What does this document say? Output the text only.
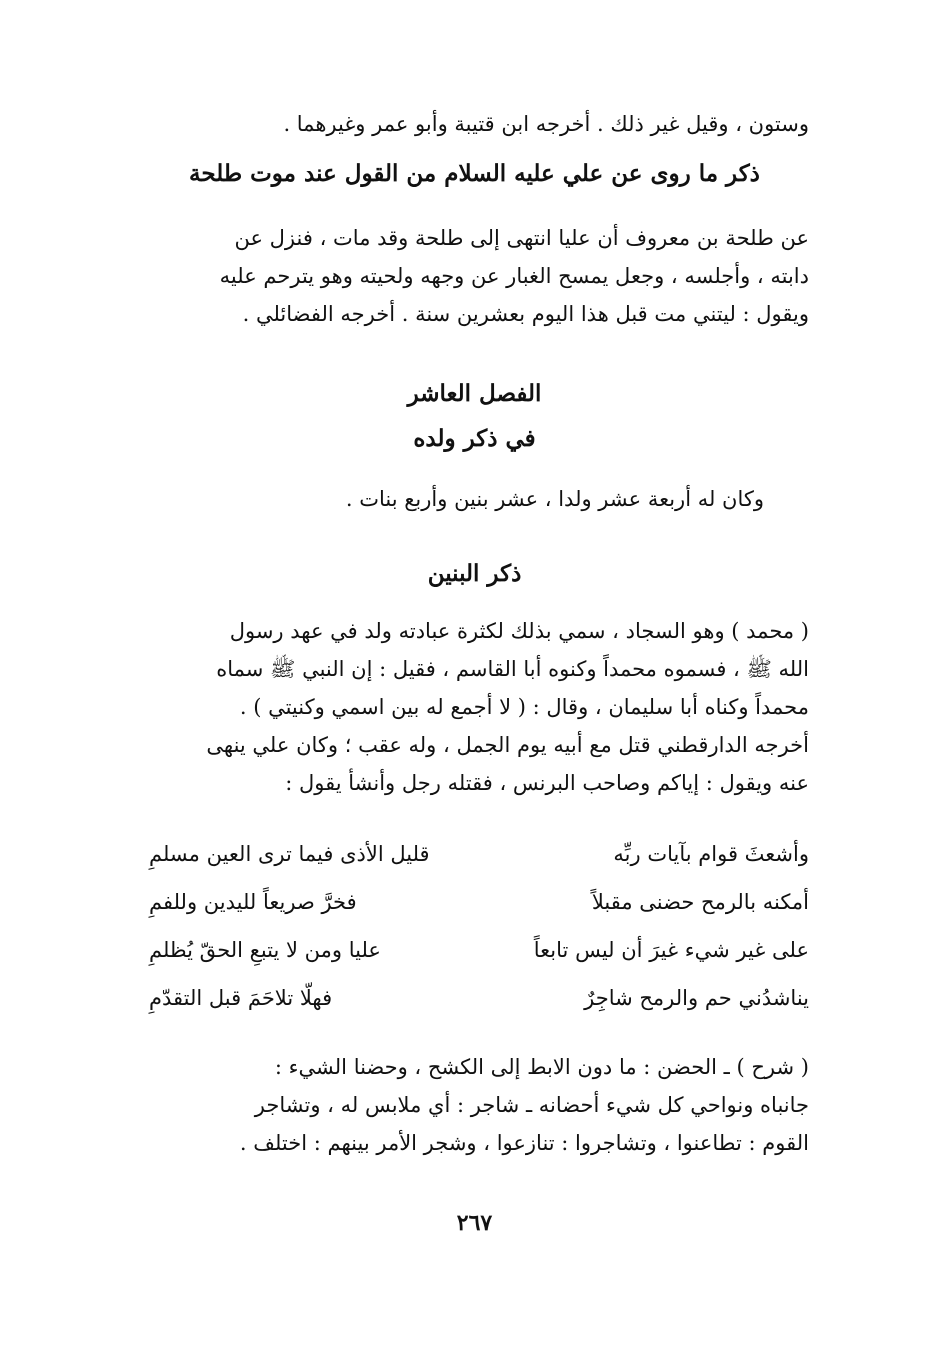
وستون ، وقيل غير ذلك . أخرجه ابن قتيبة وأبو عمر وغيرهما .
ذكر ما روى عن علي عليه السلام من القول عند موت طلحة
عن طلحة بن معروف أن عليا انتهى إلى طلحة وقد مات ، فنزل عن
دابته ، وأجلسه ، وجعل يمسح الغبار عن وجهه ولحيته وهو يترحم عليه
ويقول : ليتني مت قبل هذا اليوم بعشرين سنة . أخرجه الفضائلي .
الفصل العاشر
في ذكر ولده
وكان له أربعة عشر ولدا ، عشر بنين وأربع بنات .
ذكر البنين
( محمد ) وهو السجاد ، سمي بذلك لكثرة عبادته ولد في عهد رسول
الله ﷺ ، فسموه محمداً وكنوه أبا القاسم ، فقيل : إن النبي ﷺ سماه
محمداً وكناه أبا سليمان ، وقال : ( لا أجمع له بين اسمي وكنيتي ) .
أخرجه الدارقطني قتل مع أبيه يوم الجمل ، وله عقب ؛ وكان علي ينهى
عنه ويقول : إياكم وصاحب البرنس ، فقتله رجل وأنشأ يقول :
وأشعثَ قوام بآيات ربِّه
قليل الأذى فيما ترى العين مسلمِ
أمكنه بالرمح حضنى مقبلاً
فخرَّ صريعاً لليدين وللفمِ
على غير شيء غيرَ أن ليس تابعاً
عليا ومن لا يتبعِ الحقّ يُظلمِ
يناشدُني حم والرمح شاجِرٌ
فهلّا تلاحَمَ قبل التقدّمِ
( شرح ) ـ الحضن : ما دون الابط إلى الكشح ، وحضنا الشيء :
جانباه ونواحي كل شيء أحضانه ـ شاجر : أي ملابس له ، وتشاجر
القوم : تطاعنوا ، وتشاجروا : تنازعوا ، وشجر الأمر بينهم : اختلف .
٢٦٧
